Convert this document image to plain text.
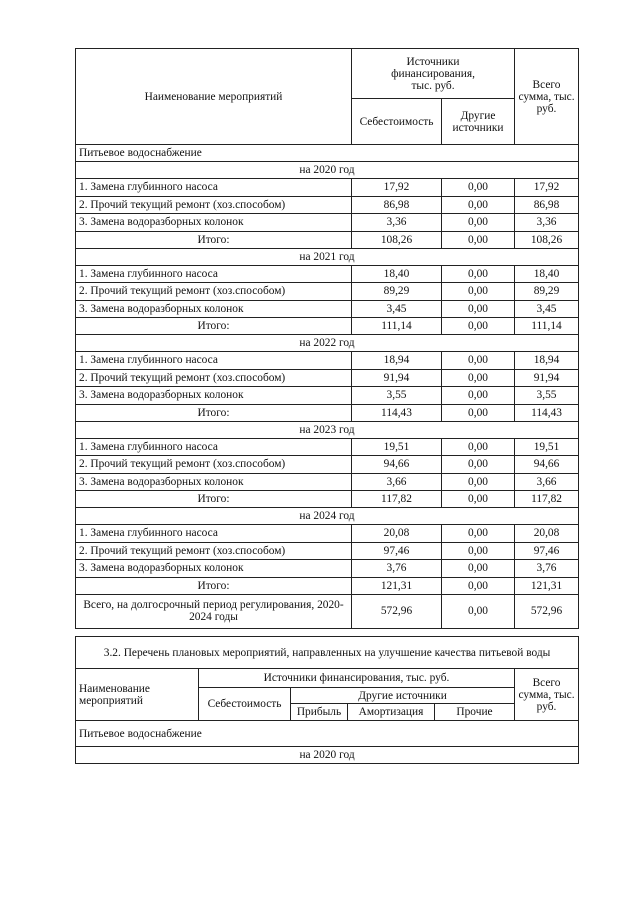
Наименование мероприятий	Источники финансирования, тыс. руб.		Всего сумма, тыс. руб.
	Себестоимость	Другие источники	
Питьевое водоснабжение			
на 2020 год			
1. Замена глубинного насоса	17,92	0,00	17,92
2. Прочий текущий ремонт (хоз.способом)	86,98	0,00	86,98
3. Замена водоразборных колонок	3,36	0,00	3,36
Итого:	108,26	0,00	108,26
на 2021 год			
1. Замена глубинного насоса	18,40	0,00	18,40
2. Прочий текущий ремонт (хоз.способом)	89,29	0,00	89,29
3. Замена водоразборных колонок	3,45	0,00	3,45
Итого:	111,14	0,00	111,14
на 2022 год			
1. Замена глубинного насоса	18,94	0,00	18,94
2. Прочий текущий ремонт (хоз.способом)	91,94	0,00	91,94
3. Замена водоразборных колонок	3,55	0,00	3,55
Итого:	114,43	0,00	114,43
на 2023 год			
1. Замена глубинного насоса	19,51	0,00	19,51
2. Прочий текущий ремонт (хоз.способом)	94,66	0,00	94,66
3. Замена водоразборных колонок	3,66	0,00	3,66
Итого:	117,82	0,00	117,82
на 2024 год			
1. Замена глубинного насоса	20,08	0,00	20,08
2. Прочий текущий ремонт (хоз.способом)	97,46	0,00	97,46
3. Замена водоразборных колонок	3,76	0,00	3,76
Итого:	121,31	0,00	121,31
Всего, на долгосрочный период регулирования, 2020-2024 годы	572,96	0,00	572,96
3.2. Перечень плановых мероприятий, направленных на улучшение качества питьевой воды					
Наименование мероприятий	Источники финансирования, тыс. руб.				Всего сумма, тыс. руб.
	Себестоимость	Другие источники			
		Прибыль	Амортизация	Прочие	
Питьевое водоснабжение					
на 2020 год					
